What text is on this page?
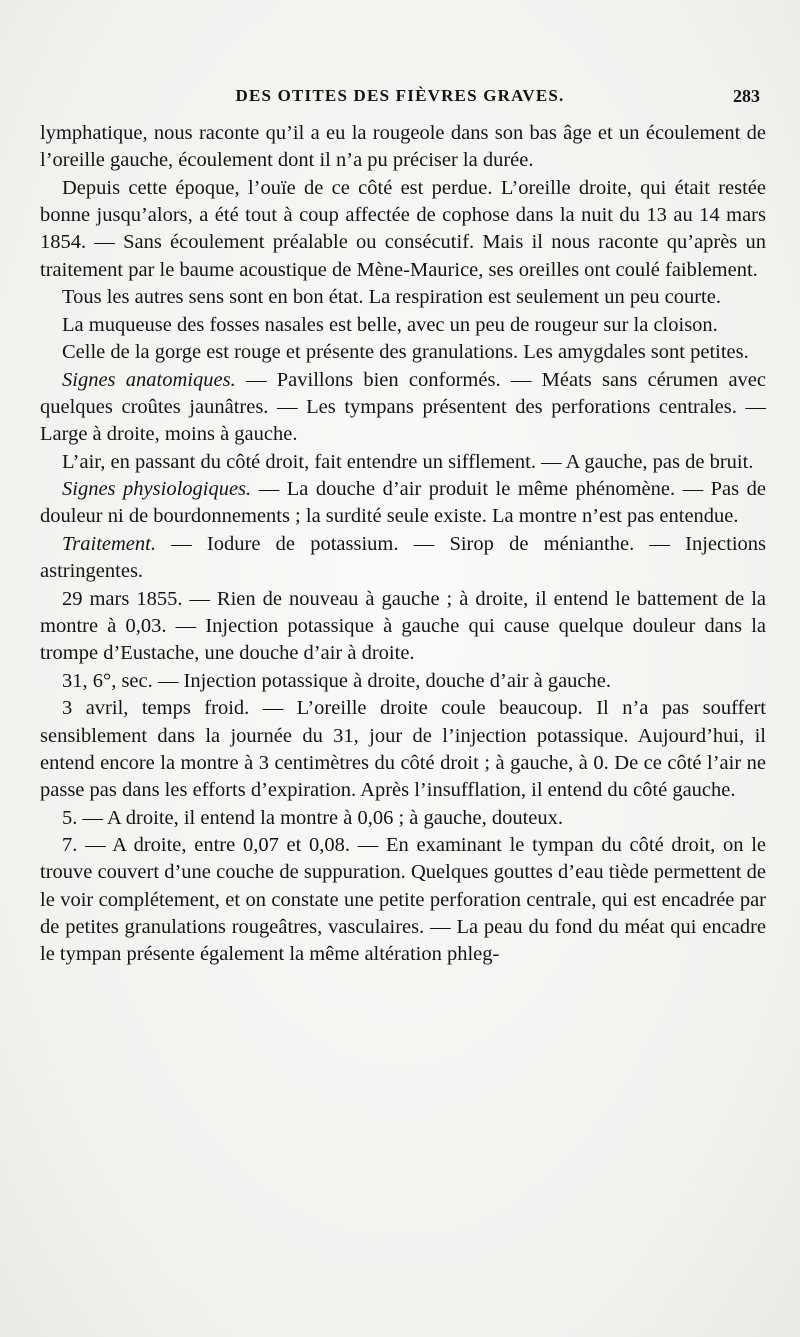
DES OTITES DES FIÈVRES GRAVES.	283

lymphatique, nous raconte qu’il a eu la rougeole dans son bas âge et un écoulement de l’oreille gauche, écoulement dont il n’a pu préciser la durée.

Depuis cette époque, l’ouïe de ce côté est perdue. L’oreille droite, qui était restée bonne jusqu’alors, a été tout à coup affectée de cophose dans la nuit du 13 au 14 mars 1854. — Sans écoulement préalable ou consécutif. Mais il nous raconte qu’après un traitement par le baume acoustique de Mène-Maurice, ses oreilles ont coulé faiblement.

Tous les autres sens sont en bon état. La respiration est seulement un peu courte.

La muqueuse des fosses nasales est belle, avec un peu de rougeur sur la cloison.

Celle de la gorge est rouge et présente des granulations. Les amygdales sont petites.

Signes anatomiques. — Pavillons bien conformés. — Méats sans cérumen avec quelques croûtes jaunâtres. — Les tympans présentent des perforations centrales. — Large à droite, moins à gauche.

L’air, en passant du côté droit, fait entendre un sifflement. — A gauche, pas de bruit.

Signes physiologiques. — La douche d’air produit le même phénomène. — Pas de douleur ni de bourdonnements ; la surdité seule existe. La montre n’est pas entendue.

Traitement. — Iodure de potassium. — Sirop de ménianthe. — Injections astringentes.

29 mars 1855. — Rien de nouveau à gauche ; à droite, il entend le battement de la montre à 0,03. — Injection potassique à gauche qui cause quelque douleur dans la trompe d’Eustache, une douche d’air à droite.

31, 6°, sec. — Injection potassique à droite, douche d’air à gauche.

3 avril, temps froid. — L’oreille droite coule beaucoup. Il n’a pas souffert sensiblement dans la journée du 31, jour de l’injection potassique. Aujourd’hui, il entend encore la montre à 3 centimètres du côté droit ; à gauche, à 0. De ce côté l’air ne passe pas dans les efforts d’expiration. Après l’insufflation, il entend du côté gauche.

5. — A droite, il entend la montre à 0,06 ; à gauche, douteux.

7. — A droite, entre 0,07 et 0,08. — En examinant le tympan du côté droit, on le trouve couvert d’une couche de suppuration. Quelques gouttes d’eau tiède permettent de le voir complétement, et on constate une petite perforation centrale, qui est encadrée par de petites granulations rougeâtres, vasculaires. — La peau du fond du méat qui encadre le tympan présente également la même altération phleg-
